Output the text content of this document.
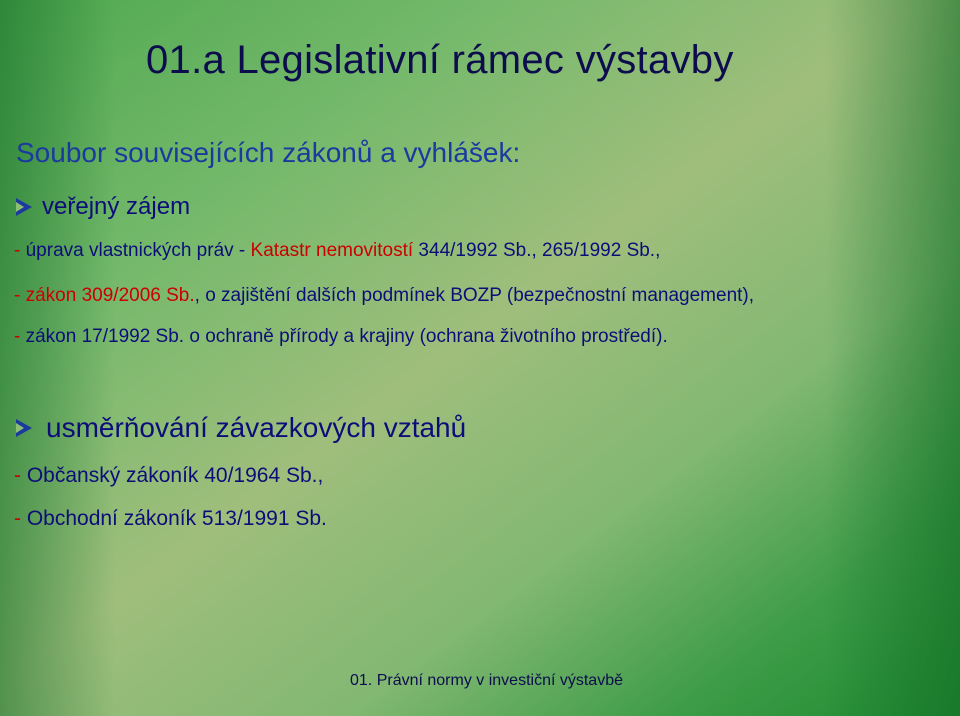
01.a Legislativní rámec výstavby
Soubor souvisejících zákonů a vyhlášek:
veřejný zájem
- úprava vlastnických práv - Katastr nemovitostí 344/1992 Sb., 265/1992 Sb.,
- zákon 309/2006 Sb., o zajištění dalších podmínek BOZP (bezpečnostní management),
- zákon 17/1992 Sb. o ochraně přírody a krajiny (ochrana životního prostředí).
usměrňování závazkových vztahů
- Občanský zákoník 40/1964 Sb.,
- Obchodní zákoník 513/1991 Sb.
01. Právní normy v investiční výstavbě
